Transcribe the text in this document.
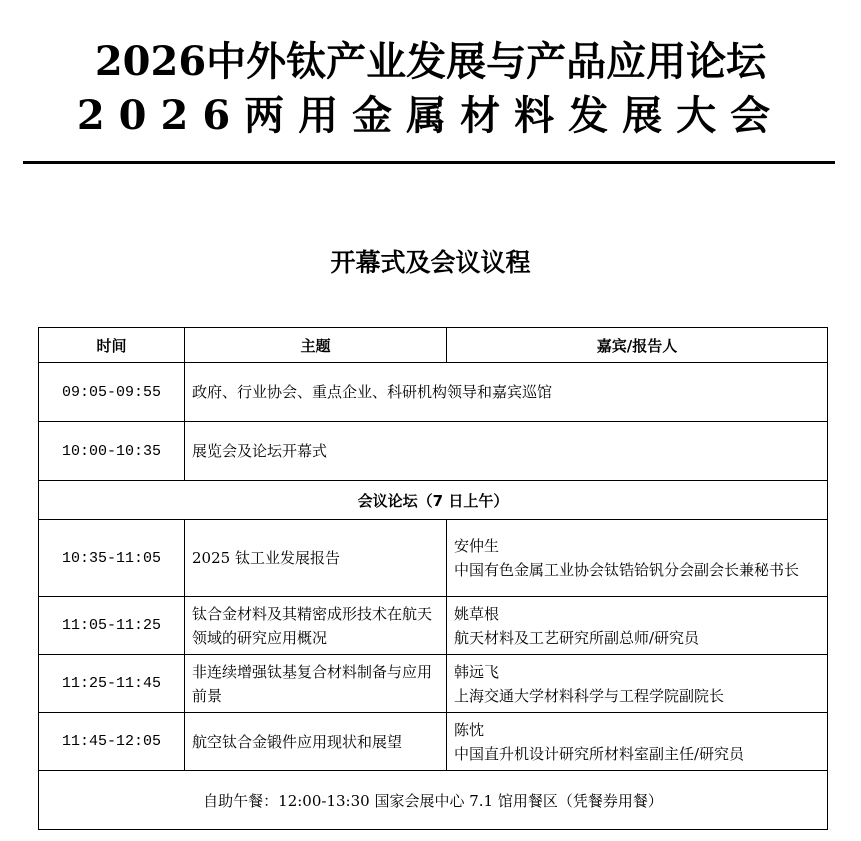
2026中外钛产业发展与产品应用论坛
2026两用金属材料发展大会
开幕式及会议议程
时间	主题	嘉宾/报告人
09:05-09:55	政府、行业协会、重点企业、科研机构领导和嘉宾巡馆	
10:00-10:35	展览会及论坛开幕式	
会议论坛（7 日上午）		
10:35-11:05	2025 钛工业发展报告	安仲生
中国有色金属工业协会钛锆铪钒分会副会长兼秘书长

11:05-11:25	钛合金材料及其精密成形技术在航天领域的研究应用概况	姚草根
航天材料及工艺研究所副总师/研究员

11:25-11:45	非连续增强钛基复合材料制备与应用前景	韩远飞
上海交通大学材料科学与工程学院副院长

11:45-12:05	航空钛合金锻件应用现状和展望	陈忱
中国直升机设计研究所材料室副主任/研究员

自助午餐：12:00-13:30 国家会展中心 7.1 馆用餐区（凭餐券用餐）		
